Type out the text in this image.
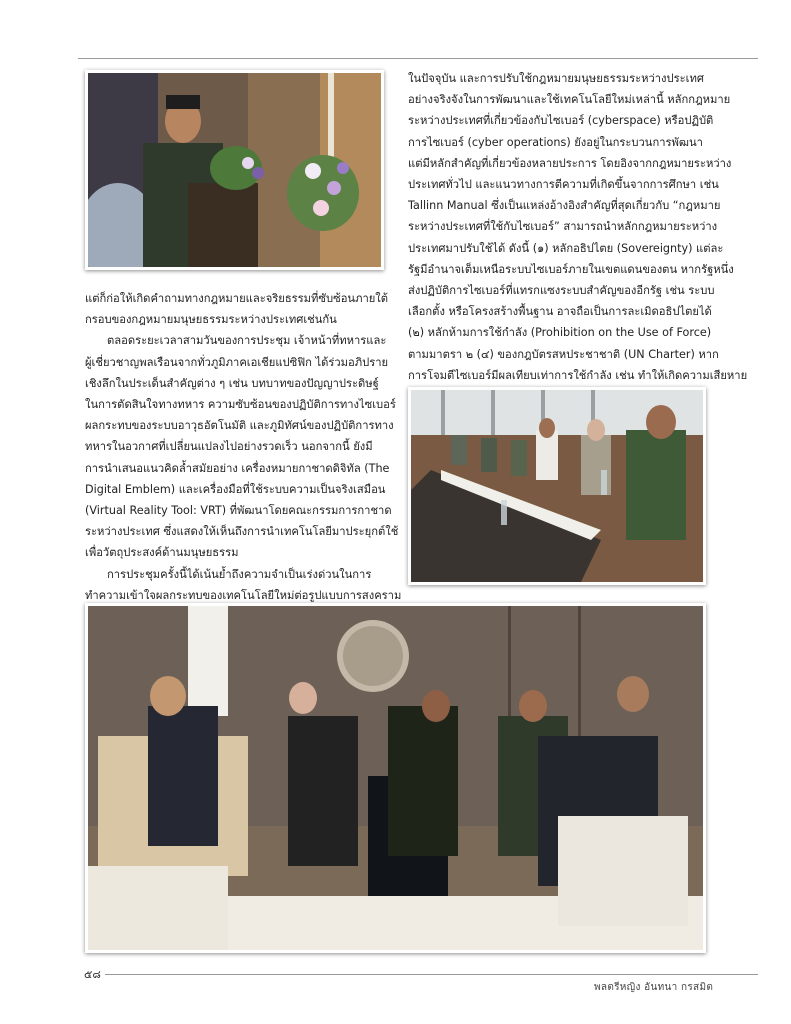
แต่ก็ก่อให้เกิดคำถามทางกฎหมายและจริยธรรมที่ซับซ้อนภายใต้

กรอบของกฎหมายมนุษยธรรมระหว่างประเทศเช่นกัน

ตลอดระยะเวลาสามวันของการประชุม เจ้าหน้าที่ทหารและ

ผู้เชี่ยวชาญพลเรือนจากทั่วภูมิภาคเอเชียแปซิฟิก ได้ร่วมอภิปราย

เชิงลึกในประเด็นสำคัญต่าง ๆ เช่น บทบาทของปัญญาประดิษฐ์

ในการตัดสินใจทางทหาร ความซับซ้อนของปฏิบัติการทางไซเบอร์

ผลกระทบของระบบอาวุธอัตโนมัติ และภูมิทัศน์ของปฏิบัติการทาง

ทหารในอวกาศที่เปลี่ยนแปลงไปอย่างรวดเร็ว นอกจากนี้ ยังมี

การนำเสนอแนวคิดล้ำสมัยอย่าง เครื่องหมายกาชาดดิจิทัล (The

Digital Emblem) และเครื่องมือที่ใช้ระบบความเป็นจริงเสมือน

(Virtual Reality Tool: VRT) ที่พัฒนาโดยคณะกรรมการกาชาด

ระหว่างประเทศ ซึ่งแสดงให้เห็นถึงการนำเทคโนโลยีมาประยุกต์ใช้

เพื่อวัตถุประสงค์ด้านมนุษยธรรม

การประชุมครั้งนี้ได้เน้นย้ำถึงความจำเป็นเร่งด่วนในการ

ทำความเข้าใจผลกระทบของเทคโนโลยีใหม่ต่อรูปแบบการสงคราม

ในปัจจุบัน และการปรับใช้กฎหมายมนุษยธรรมระหว่างประเทศ

อย่างจริงจังในการพัฒนาและใช้เทคโนโลยีใหม่เหล่านี้ หลักกฎหมาย

ระหว่างประเทศที่เกี่ยวข้องกับไซเบอร์ (cyberspace) หรือปฏิบัติ

การไซเบอร์ (cyber operations) ยังอยู่ในกระบวนการพัฒนา

แต่มีหลักสำคัญที่เกี่ยวข้องหลายประการ โดยอิงจากกฎหมายระหว่าง

ประเทศทั่วไป และแนวทางการตีความที่เกิดขึ้นจากการศึกษา เช่น

Tallinn Manual ซึ่งเป็นแหล่งอ้างอิงสำคัญที่สุดเกี่ยวกับ “กฎหมาย

ระหว่างประเทศที่ใช้กับไซเบอร์” สามารถนำหลักกฎหมายระหว่าง

ประเทศมาปรับใช้ได้ ดังนี้ (๑) หลักอธิปไตย (Sovereignty) แต่ละ

รัฐมีอำนาจเต็มเหนือระบบไซเบอร์ภายในเขตแดนของตน หากรัฐหนึ่ง

ส่งปฏิบัติการไซเบอร์ที่แทรกแซงระบบสำคัญของอีกรัฐ เช่น ระบบ

เลือกตั้ง หรือโครงสร้างพื้นฐาน อาจถือเป็นการละเมิดอธิปไตยได้

(๒) หลักห้ามการใช้กำลัง (Prohibition on the Use of Force)

ตามมาตรา ๒ (๔) ของกฎบัตรสหประชาชาติ (UN Charter) หาก

การโจมตีไซเบอร์มีผลเทียบเท่าการใช้กำลัง เช่น ทำให้เกิดความเสียหาย

๕๘
พลตรีหญิง อันทนา กรสมิต
